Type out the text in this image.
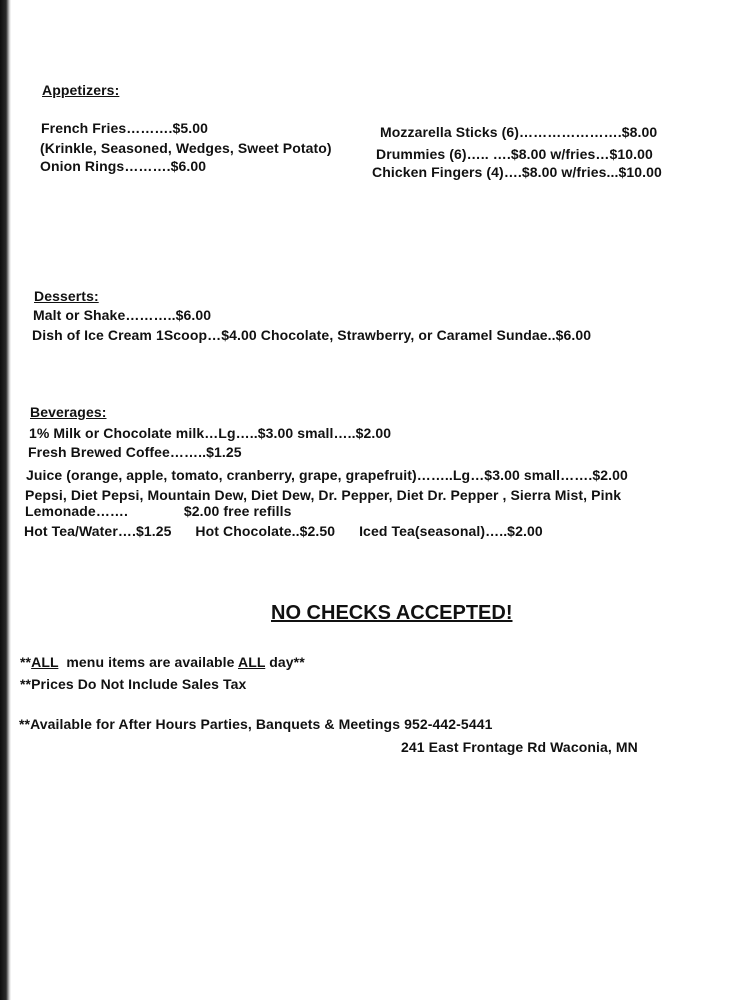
Appetizers:
French Fries……….$5.00
(Krinkle, Seasoned, Wedges, Sweet Potato)
Onion Rings……….$6.00
Mozzarella Sticks (6)………………….$8.00
Drummies (6)….. ….$8.00 w/fries…$10.00
Chicken Fingers (4)….$8.00 w/fries...$10.00
Desserts:
Malt or Shake………..$6.00
Dish of Ice Cream 1Scoop…$4.00 Chocolate, Strawberry, or Caramel Sundae..$6.00
Beverages:
1% Milk or Chocolate milk…Lg…..$3.00 small…..$2.00
Fresh Brewed Coffee……..$1.25
Juice (orange, apple, tomato, cranberry, grape, grapefruit)……..Lg…$3.00 small…….$2.00
Pepsi, Diet Pepsi, Mountain Dew, Diet Dew, Dr. Pepper, Diet Dr. Pepper , Sierra Mist, Pink
Lemonade…….              $2.00 free refills
Hot Tea/Water….$1.25      Hot Chocolate..$2.50      Iced Tea(seasonal)…..$2.00
NO CHECKS ACCEPTED!
**ALL  menu items are available ALL day**
**Prices Do Not Include Sales Tax
**Available for After Hours Parties, Banquets & Meetings 952-442-5441
241 East Frontage Rd Waconia, MN
